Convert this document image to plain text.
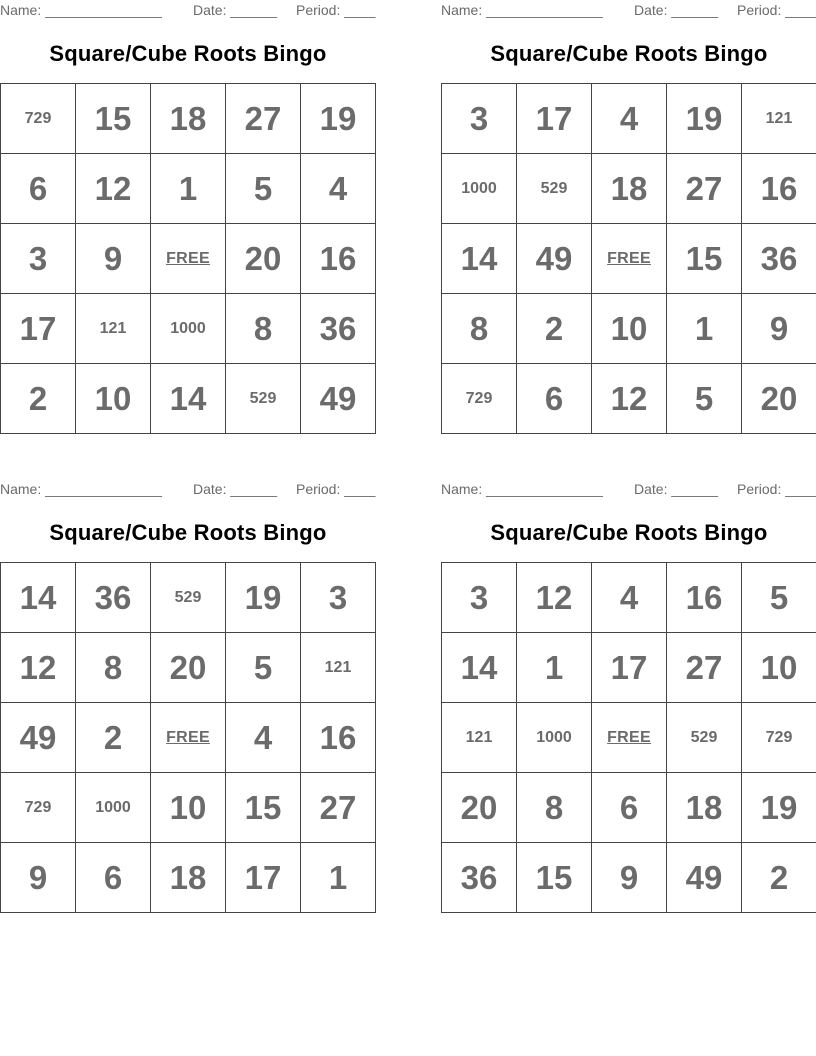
Name: _______________ Date: ______ Period: ____
Square/Cube Roots Bingo
729	15	18	27	19
6	12	1	5	4
3	9	FREE	20	16
17	121	1000	8	36
2	10	14	529	49
Name: _______________ Date: ______ Period: ____
Square/Cube Roots Bingo
3	17	4	19	121
1000	529	18	27	16
14	49	FREE	15	36
8	2	10	1	9
729	6	12	5	20
Name: _______________ Date: ______ Period: ____
Square/Cube Roots Bingo
14	36	529	19	3
12	8	20	5	121
49	2	FREE	4	16
729	1000	10	15	27
9	6	18	17	1
Name: _______________ Date: ______ Period: ____
Square/Cube Roots Bingo
3	12	4	16	5
14	1	17	27	10
121	1000	FREE	529	729
20	8	6	18	19
36	15	9	49	2
